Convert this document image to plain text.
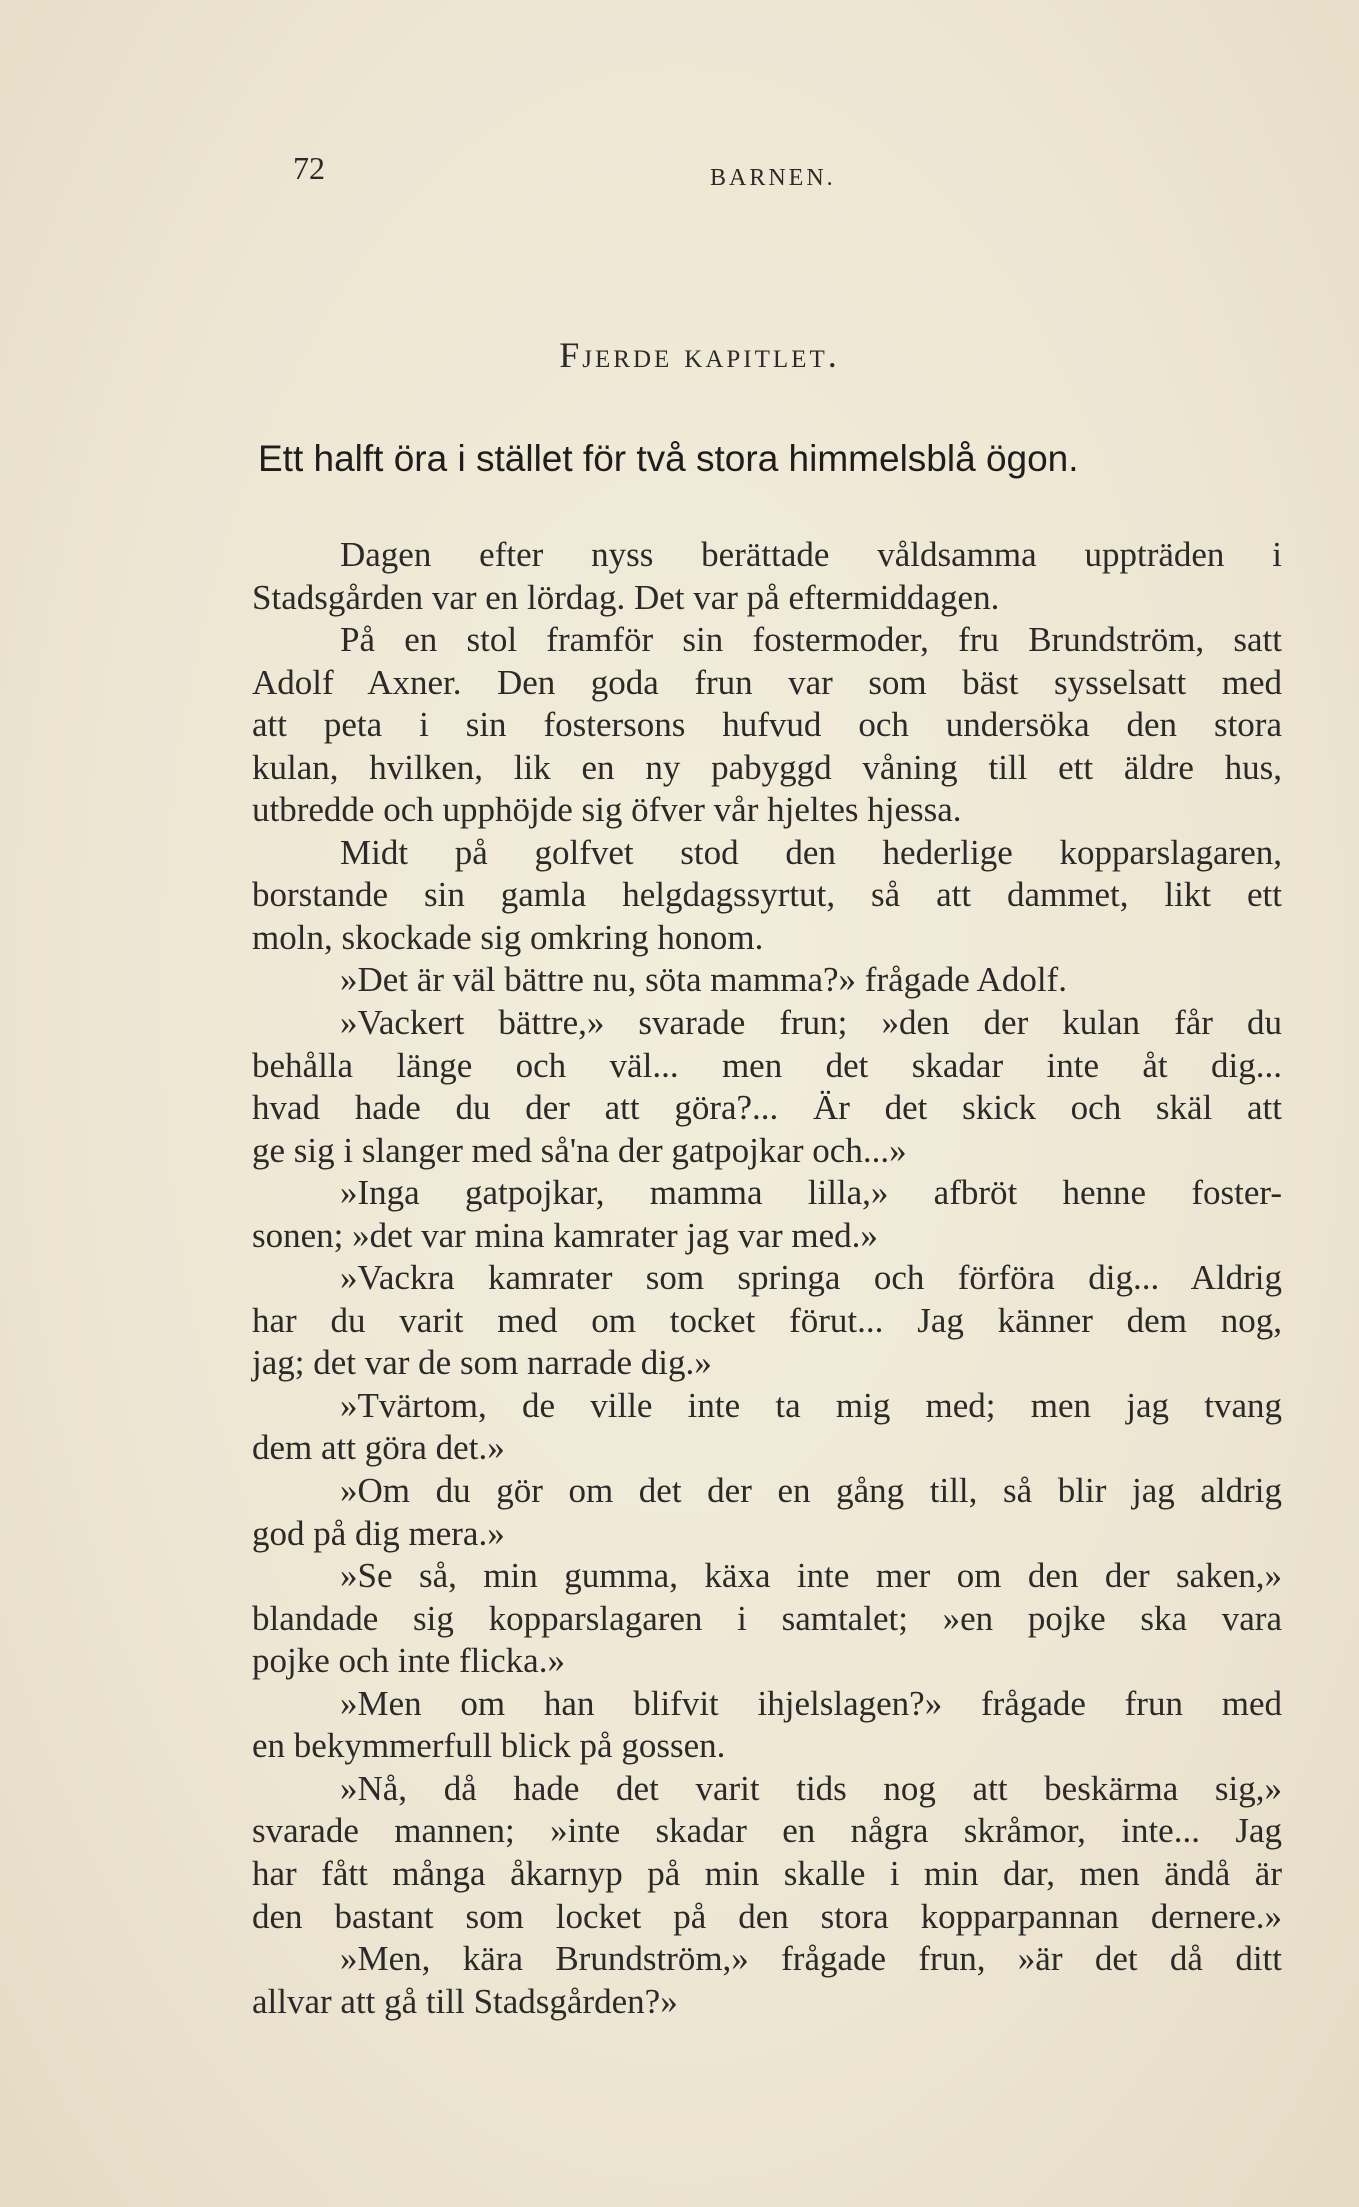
72	BARNEN.
Fjerde kapitlet.
Ett halft öra i stället för två stora himmelsblå ögon.
Dagen efter nyss berättade våldsamma uppträden i
Stadsgården var en lördag. Det var på eftermiddagen.
På en stol framför sin fostermoder, fru Brundström, satt
Adolf Axner. Den goda frun var som bäst sysselsatt med
att peta i sin fostersons hufvud och undersöka den stora
kulan, hvilken, lik en ny pabyggd våning till ett äldre hus,
utbredde och upphöjde sig öfver vår hjeltes hjessa.
Midt på golfvet stod den hederlige kopparslagaren,
borstande sin gamla helgdagssyrtut, så att dammet, likt ett
moln, skockade sig omkring honom.
»Det är väl bättre nu, söta mamma?» frågade Adolf.
»Vackert bättre,» svarade frun; »den der kulan får du
behålla länge och väl... men det skadar inte åt dig...
hvad hade du der att göra?... Är det skick och skäl att
ge sig i slanger med så'na der gatpojkar och...»
»Inga gatpojkar, mamma lilla,» afbröt henne foster-
sonen; »det var mina kamrater jag var med.»
»Vackra kamrater som springa och förföra dig... Aldrig
har du varit med om tocket förut... Jag känner dem nog,
jag; det var de som narrade dig.»
»Tvärtom, de ville inte ta mig med; men jag tvang
dem att göra det.»
»Om du gör om det der en gång till, så blir jag aldrig
god på dig mera.»
»Se så, min gumma, käxa inte mer om den der saken,»
blandade sig kopparslagaren i samtalet; »en pojke ska vara
pojke och inte flicka.»
»Men om han blifvit ihjelslagen?» frågade frun med
en bekymmerfull blick på gossen.
»Nå, då hade det varit tids nog att beskärma sig,»
svarade mannen; »inte skadar en några skråmor, inte... Jag
har fått många åkarnyp på min skalle i min dar, men ändå är
den bastant som locket på den stora kopparpannan dernere.»
»Men, kära Brundström,» frågade frun, »är det då ditt
allvar att gå till Stadsgården?»
